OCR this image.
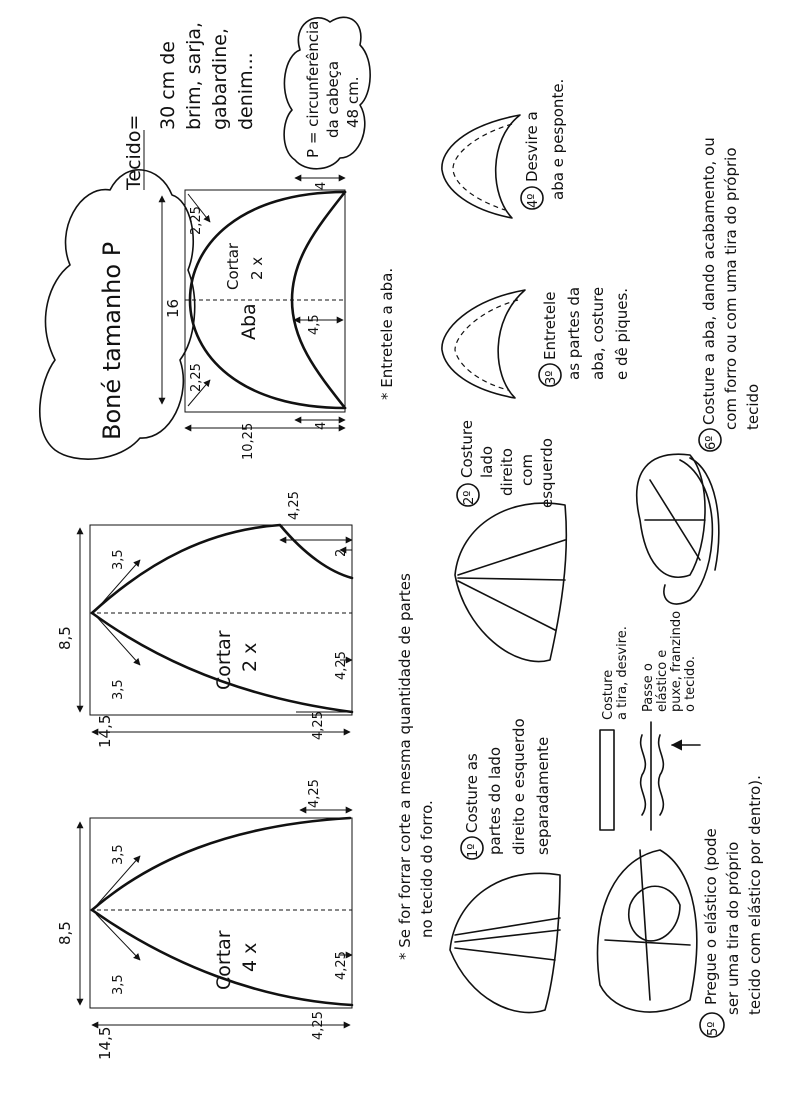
Boné tamanho P
Tecido=
30 cm de brim, sarja, gabardine, denim...	P = circunferência da cabeça 48 cm.
Aba
Cortar 2 x
16
10,25
2,25
2,25
4
4
4,5	* Entretele a aba.
Cortar 2 x
8,5
14,5
3,5
3,5
4,25
2
4,25
4,25
Cortar 4 x
8,5
14,5
3,5
3,5
4,25
4,25
4,25
* Se for forrar corte a mesma quantidade de partes no tecido do forro. 1º
Costure as partes do lado direito e esquerdo separadamente
2º
Costure lado direito com esquerdo
3º
Entretele as partes da aba, costure e dê piques.
4º
Desvire a aba e pesponte.
Costure a tira, desvire. Passe o elástico e puxe, franzindo o tecido.
5º
Pregue o elástico (pode ser uma tira do próprio tecido com elástico por dentro).
6º
Costure a aba, dando acabamento, ou com forro ou com uma tira do próprio tecido
